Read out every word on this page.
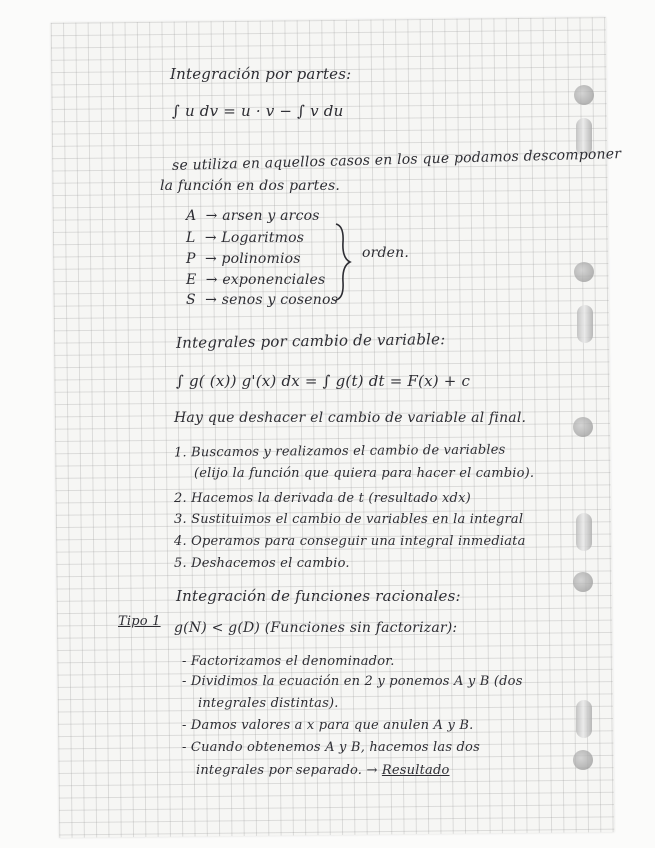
Integración por partes:
∫ u dv = u · v − ∫ v du
se utiliza en aquellos casos en los que podamos descomponer
la función en dos partes.
A → arsen y arcos
L → Logaritmos
P → polinomios
E → exponenciales
S → senos y cosenos
orden.
Integrales por cambio de variable:
∫ g( (x)) g'(x) dx = ∫ g(t) dt = F(x) + c
Hay que deshacer el cambio de variable al final.
1. Buscamos y realizamos el cambio de variables
(elijo la función que quiera para hacer el cambio).
2. Hacemos la derivada de t (resultado xdx)
3. Sustituimos el cambio de variables en la integral
4. Operamos para conseguir una integral inmediata
5. Deshacemos el cambio.
Integración de funciones racionales:
Tipo 1 g(N) < g(D) (Funciones sin factorizar):
- Factorizamos el denominador.
- Dividimos la ecuación en 2 y ponemos A y B (dos
integrales distintas).
- Damos valores a x para que anulen A y B.
- Cuando obtenemos A y B, hacemos las dos
integrales por separado. → Resultado
